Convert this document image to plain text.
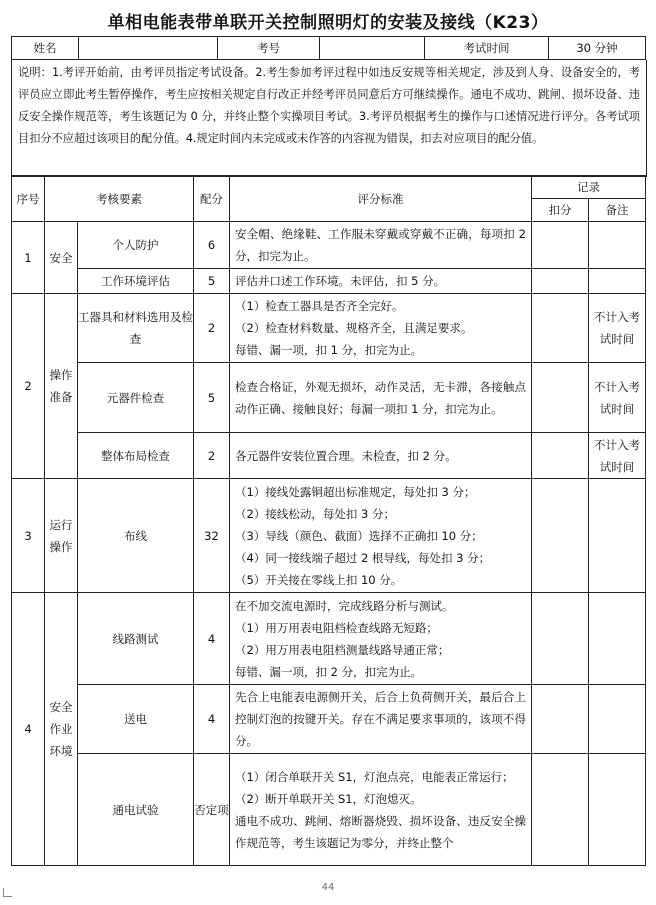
单相电能表带单联开关控制照明灯的安装及接线（K23）
姓名		考号		考试时间	30 分钟
说明：1.考评开始前，由考评员指定考试设备。2.考生参加考评过程中如违反安规等相关规定，涉及到人身、设备安全的，考评员应立即此考生暂停操作，考生应按相关规定自行改正并经考评员同意后方可继续操作。通电不成功、跳闸、损坏设备、违反安全操作规范等，考生该题记为 0 分，并终止整个实操项目考试。3.考评员根据考生的操作与口述情况进行评分。各考试项目扣分不应超过该项目的配分值。4.规定时间内未完成或未作答的内容视为错误，扣去对应项目的配分值。
序号	考核要素		配分	评分标准	记录	
					扣分	备注
1	安全	个人防护	6	安全帽、绝缘鞋、工作服未穿戴或穿戴不正确，每项扣 2 分，扣完为止。		

		工作环境评估	5	评估并口述工作环境。未评估，扣 5 分。		

2	操作准备	工器具和材料选用及检查	2	（1）检查工器具是否齐全完好。
（2）检查材料数量、规格齐全，且满足要求。
每错、漏一项，扣 1 分，扣完为止。		不计入考试时间
		元器件检查	5	检查合格证，外观无损坏，动作灵活，无卡滞，各接触点动作正确、接触良好；每漏一项扣 1 分，扣完为止。		不计入考试时间
		整体布局检查	2	各元器件安装位置合理。未检查，扣 2 分。		不计入考试时间
3	运行操作	布线	32	（1）接线处露铜超出标准规定，每处扣 3 分；
（2）接线松动，每处扣 3 分；
（3）导线（颜色、截面）选择不正确扣 10 分；
（4）同一接线端子超过 2 根导线，每处扣 3 分；
（5）开关接在零线上扣 10 分。		

4	安全作业环境	线路测试	4	在不加交流电源时，完成线路分析与测试。
（1）用万用表电阻档检查线路无短路；
（2）用万用表电阻档测量线路导通正常；
每错、漏一项，扣 2 分，扣完为止。		

		送电	4	先合上电能表电源侧开关，后合上负荷侧开关，最后合上控制灯泡的按键开关。存在不满足要求事项的，该项不得分。		

		通电试验	否定项	（1）闭合单联开关 S1，灯泡点亮，电能表正常运行；
（2）断开单联开关 S1，灯泡熄灭。
通电不成功、跳闸、熔断器烧毁、损坏设备、违反安全操作规范等，考生该题记为零分，并终止整个		

44
